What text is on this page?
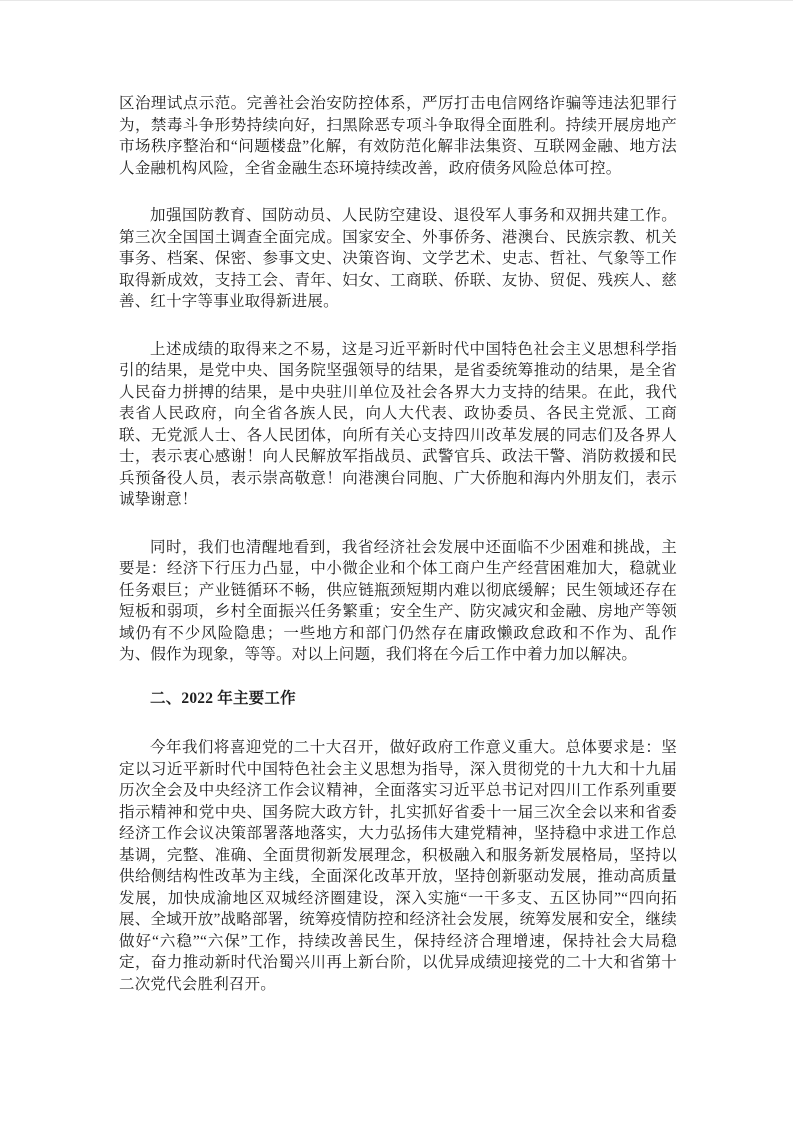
区治理试点示范。完善社会治安防控体系，严厉打击电信网络诈骗等违法犯罪行为，禁毒斗争形势持续向好，扫黑除恶专项斗争取得全面胜利。持续开展房地产市场秩序整治和“问题楼盘”化解，有效防范化解非法集资、互联网金融、地方法人金融机构风险，全省金融生态环境持续改善，政府债务风险总体可控。

加强国防教育、国防动员、人民防空建设、退役军人事务和双拥共建工作。第三次全国国土调查全面完成。国家安全、外事侨务、港澳台、民族宗教、机关事务、档案、保密、参事文史、决策咨询、文学艺术、史志、哲社、气象等工作取得新成效，支持工会、青年、妇女、工商联、侨联、友协、贸促、残疾人、慈善、红十字等事业取得新进展。

上述成绩的取得来之不易，这是习近平新时代中国特色社会主义思想科学指引的结果，是党中央、国务院坚强领导的结果，是省委统筹推动的结果，是全省人民奋力拼搏的结果，是中央驻川单位及社会各界大力支持的结果。在此，我代表省人民政府，向全省各族人民，向人大代表、政协委员、各民主党派、工商联、无党派人士、各人民团体，向所有关心支持四川改革发展的同志们及各界人士，表示衷心感谢！向人民解放军指战员、武警官兵、政法干警、消防救援和民兵预备役人员，表示崇高敬意！向港澳台同胞、广大侨胞和海内外朋友们，表示诚挚谢意！

同时，我们也清醒地看到，我省经济社会发展中还面临不少困难和挑战，主要是：经济下行压力凸显，中小微企业和个体工商户生产经营困难加大，稳就业任务艰巨；产业链循环不畅，供应链瓶颈短期内难以彻底缓解；民生领域还存在短板和弱项，乡村全面振兴任务繁重；安全生产、防灾减灾和金融、房地产等领域仍有不少风险隐患；一些地方和部门仍然存在庸政懒政怠政和不作为、乱作为、假作为现象，等等。对以上问题，我们将在今后工作中着力加以解决。

二、2022 年主要工作

今年我们将喜迎党的二十大召开，做好政府工作意义重大。总体要求是：坚定以习近平新时代中国特色社会主义思想为指导，深入贯彻党的十九大和十九届历次全会及中央经济工作会议精神，全面落实习近平总书记对四川工作系列重要指示精神和党中央、国务院大政方针，扎实抓好省委十一届三次全会以来和省委经济工作会议决策部署落地落实，大力弘扬伟大建党精神，坚持稳中求进工作总基调，完整、准确、全面贯彻新发展理念，积极融入和服务新发展格局，坚持以供给侧结构性改革为主线，全面深化改革开放，坚持创新驱动发展，推动高质量发展，加快成渝地区双城经济圈建设，深入实施“一干多支、五区协同”“四向拓展、全域开放”战略部署，统筹疫情防控和经济社会发展，统筹发展和安全，继续做好“六稳”“六保”工作，持续改善民生，保持经济合理增速，保持社会大局稳定，奋力推动新时代治蜀兴川再上新台阶，以优异成绩迎接党的二十大和省第十二次党代会胜利召开。
